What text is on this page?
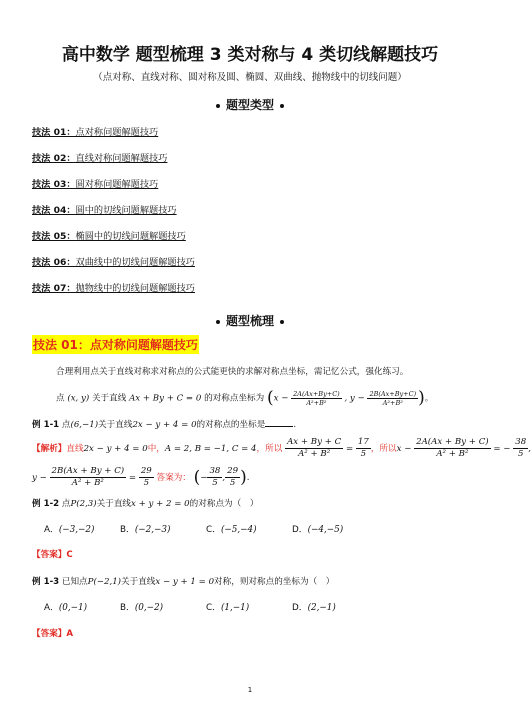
高中数学 题型梳理 3 类对称与 4 类切线解题技巧
（点对称、直线对称、圆对称及圆、椭圆、双曲线、抛物线中的切线问题）
题型类型
技法 01：点对称问题解题技巧
技法 02：直线对称问题解题技巧
技法 03：圆对称问题解题技巧
技法 04：圆中的切线问题解题技巧
技法 05：椭圆中的切线问题解题技巧
技法 06：双曲线中的切线问题解题技巧
技法 07：抛物线中的切线问题解题技巧
题型梳理
技法 01：点对称问题解题技巧
合理利用点关于直线对称求对称点的公式能更快的求解对称点坐标，需记忆公式，强化练习。
点 (x, y) 关于直线 Ax + By + C = 0 的对称点坐标为 ($x - \frac{2A(Ax+By+C)}{\text{A²+B²}}$ , $y - \frac{2B(Ax+By+C)}{\text{A²+B²}}$ )。
例 1-1 点(6,−1)关于直线2x − y + 4 = 0的对称点的坐标是	.
【解析】直线2x − y + 4 = 0中，A = 2, B = −1, C = 4，所以 $\frac{Ax + By + C}{\text{A² + B²}} = \frac{17}{5}$ ，所以$x - \frac{2A(Ax + By + C)}{\text{A² + B²}}$ = − $\frac{38}{5}$ ,
$y - \frac{2B(Ax + By + C)}{\text{A² + B²}} = \frac{29}{5}$ 答案为： (− $\frac{38}{5}$ , $\frac{29}{5}$ ).
例 1-2 点P(2,3)关于直线x + y + 2 = 0的对称点为（　）
A．(−3,−2)	B．(−2,−3)	C．(−5,−4)	D．(−4,−5)
【答案】C
例 1-3 已知点P(−2,1)关于直线x − y + 1 = 0对称，则对称点的坐标为（　）
A．(0,−1)	B．(0,−2)	C．(1,−1)	D．(2,−1)
【答案】A
1
